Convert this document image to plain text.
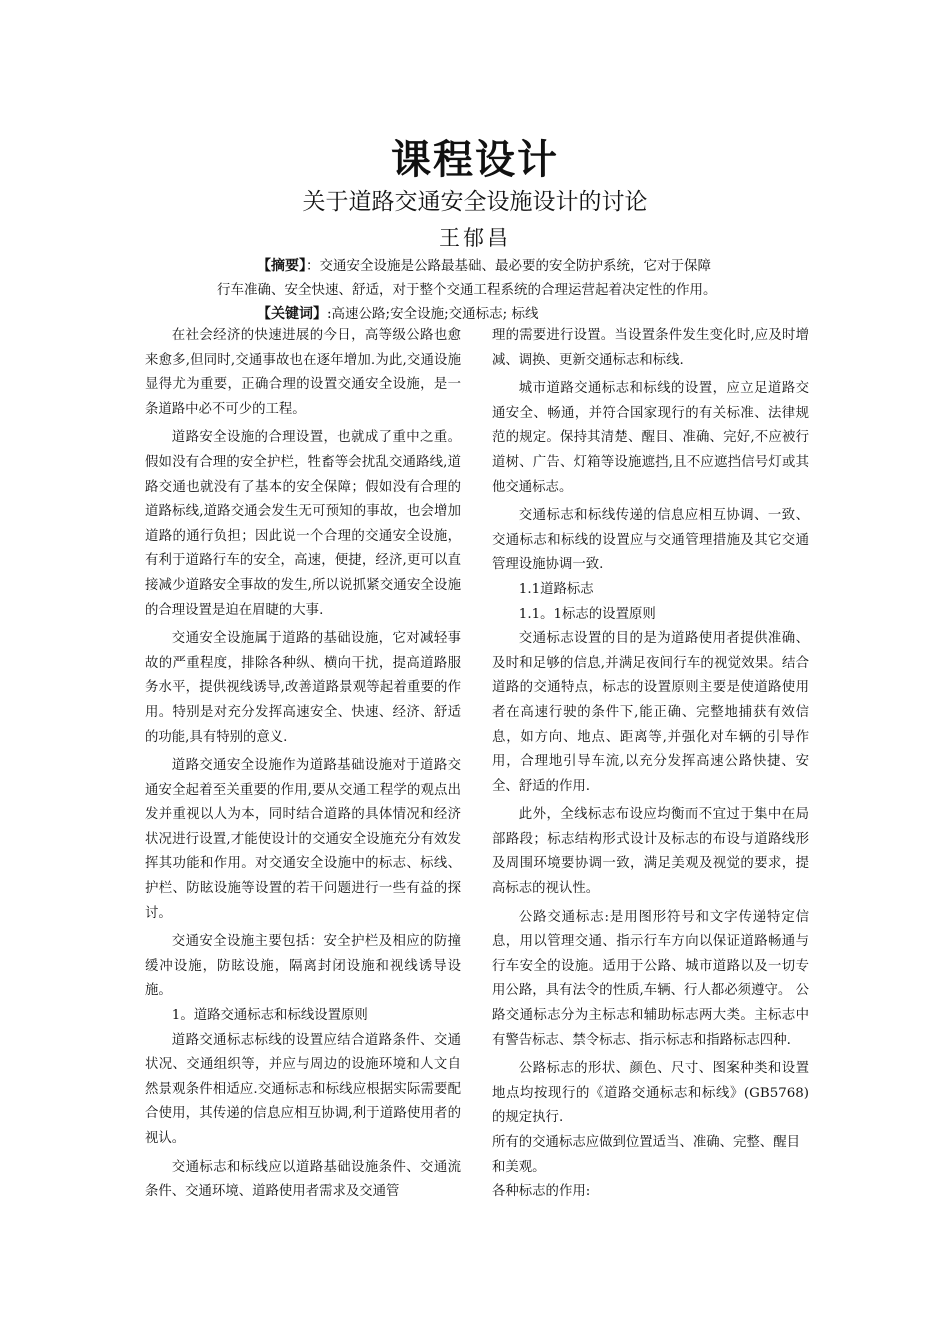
课程设计
关于道路交通安全设施设计的讨论
王郁昌
【摘要】：交通安全设施是公路最基础、最必要的安全防护系统，它对于保障
行车准确、安全快速、舒适，对于整个交通工程系统的合理运营起着决定性的作用。
【关键词】:高速公路;安全设施;交通标志; 标线

在社会经济的快速进展的今日，高等级公路也愈来愈多,但同时,交通事故也在逐年增加.为此,交通设施显得尤为重要，正确合理的设置交通安全设施，是一条道路中必不可少的工程。

道路安全设施的合理设置，也就成了重中之重。假如没有合理的安全护栏，牲畜等会扰乱交通路线,道路交通也就没有了基本的安全保障；假如没有合理的道路标线,道路交通会发生无可预知的事故，也会增加道路的通行负担；因此说一个合理的交通安全设施，有利于道路行车的安全，高速，便捷，经济,更可以直接减少道路安全事故的发生,所以说抓紧交通安全设施的合理设置是迫在眉睫的大事.

交通安全设施属于道路的基础设施，它对减轻事故的严重程度，排除各种纵、横向干扰，提高道路服务水平，提供视线诱导,改善道路景观等起着重要的作用。特别是对充分发挥高速安全、快速、经济、舒适的功能,具有特别的意义.

道路交通安全设施作为道路基础设施对于道路交通安全起着至关重要的作用,要从交通工程学的观点出发并重视以人为本，同时结合道路的具体情况和经济状况进行设置,才能使设计的交通安全设施充分有效发挥其功能和作用。对交通安全设施中的标志、标线、护栏、防眩设施等设置的若干问题进行一些有益的探讨。

交通安全设施主要包括：安全护栏及相应的防撞缓冲设施，防眩设施，隔离封闭设施和视线诱导设施。

1。道路交通标志和标线设置原则

道路交通标志标线的设置应结合道路条件、交通状况、交通组织等，并应与周边的设施环境和人文自然景观条件相适应.交通标志和标线应根据实际需要配合使用，其传递的信息应相互协调,利于道路使用者的视认。

交通标志和标线应以道路基础设施条件、交通流条件、交通环境、道路使用者需求及交通管

理的需要进行设置。当设置条件发生变化时,应及时增减、调换、更新交通标志和标线.

城市道路交通标志和标线的设置，应立足道路交通安全、畅通，并符合国家现行的有关标准、法律规范的规定。保持其清楚、醒目、准确、完好,不应被行道树、广告、灯箱等设施遮挡,且不应遮挡信号灯或其他交通标志。

交通标志和标线传递的信息应相互协调、一致、交通标志和标线的设置应与交通管理措施及其它交通管理设施协调一致.

1.1道路标志

1.1。1标志的设置原则

交通标志设置的目的是为道路使用者提供准确、及时和足够的信息,并满足夜间行车的视觉效果。结合道路的交通特点，标志的设置原则主要是使道路使用者在高速行驶的条件下,能正确、完整地捕获有效信息，如方向、地点、距离等,并强化对车辆的引导作用，合理地引导车流,以充分发挥高速公路快捷、安全、舒适的作用.

此外，全线标志布设应均衡而不宜过于集中在局部路段；标志结构形式设计及标志的布设与道路线形及周围环境要协调一致，满足美观及视觉的要求，提高标志的视认性。

公路交通标志:是用图形符号和文字传递特定信息，用以管理交通、指示行车方向以保证道路畅通与行车安全的设施。适用于公路、城市道路以及一切专用公路，具有法令的性质,车辆、行人都必须遵守。 公路交通标志分为主标志和辅助标志两大类。主标志中有警告标志、禁令标志、指示标志和指路标志四种.

公路标志的形状、颜色、尺寸、图案种类和设置地点均按现行的《道路交通标志和标线》(GB5768)的规定执行.

所有的交通标志应做到位置适当、准确、完整、醒目和美观。

各种标志的作用:
